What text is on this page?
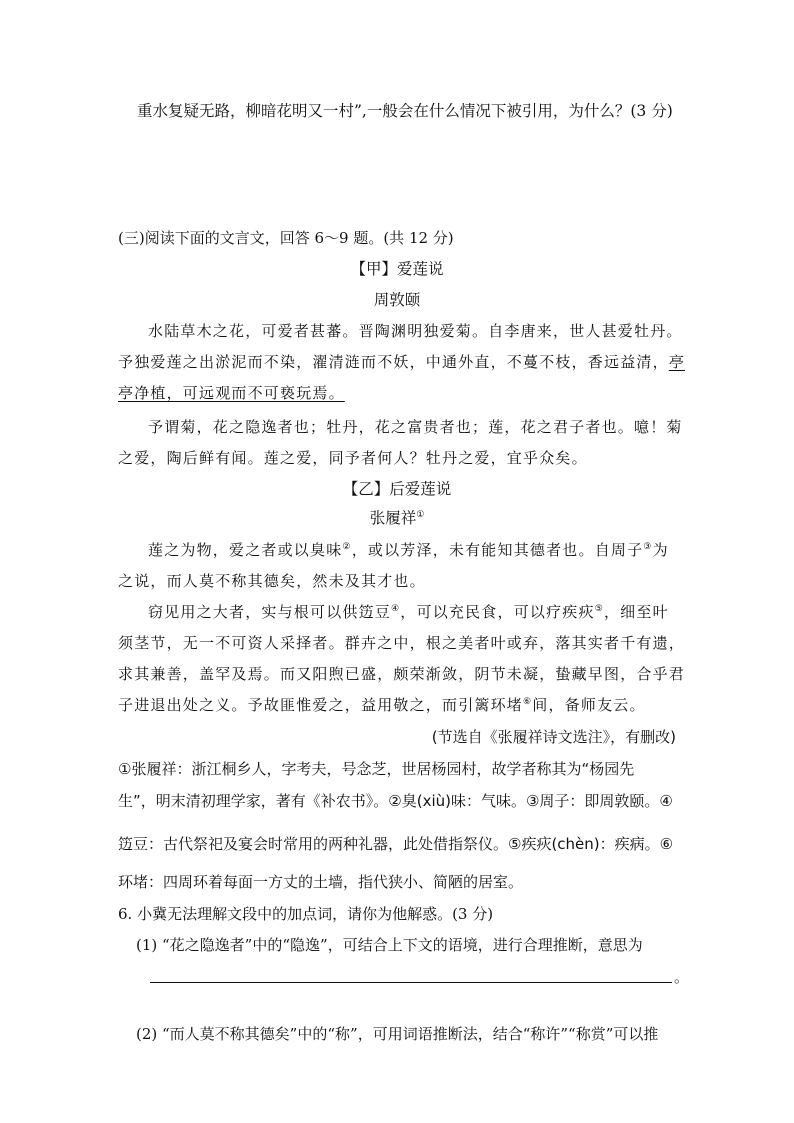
重水复疑无路，柳暗花明又一村”,一般会在什么情况下被引用，为什么？(3 分)
(三)阅读下面的文言文，回答 6～9 题。(共 12 分)
【甲】爱莲说
周敦颐
水陆草木之花，可爱者甚蕃。晋陶渊明独爱菊。自李唐来，世人甚爱牡丹。
予独爱莲之出淤泥而不染，濯清涟而不妖，中通外直，不蔓不枝，香远益清，亭
亭净植，可远观而不可亵玩焉。
予谓菊，花之隐逸者也；牡丹，花之富贵者也；莲，花之君子者也。噫！菊
之爱，陶后鲜有闻。莲之爱，同予者何人？牡丹之爱，宜乎众矣。
【乙】后爱莲说
张履祥①
莲之为物，爱之者或以臭味②，或以芳泽，未有能知其德者也。自周子③为
之说，而人莫不称其德矣，然未及其才也。
窃见用之大者，实与根可以供笾豆④，可以充民食，可以疗疾疢⑤，细至叶
须茎节，无一不可资人采择者。群卉之中，根之美者叶或弃，落其实者千有遗，
求其兼善，盖罕及焉。而又阳煦已盛，颇荣渐敛，阴节未凝，蛰藏早图，合乎君
子进退出处之义。予故匪惟爱之，益用敬之，而引篱环堵⑥间，备师友云。
(节选自《张履祥诗文选注》，有删改)
①张履祥：浙江桐乡人，字考夫，号念芝，世居杨园村，故学者称其为“杨园先
生”，明末清初理学家，著有《补农书》。②臭(xiù)味：气味。③周子：即周敦颐。④
笾豆：古代祭祀及宴会时常用的两种礼器，此处借指祭仪。⑤疾疢(chèn)：疾病。⑥
环堵：四周环着每面一方丈的土墙，指代狭小、简陋的居室。
6. 小冀无法理解文段中的加点词，请你为他解惑。(3 分)
(1) “花之隐逸者”中的“隐逸”，可结合上下文的语境，进行合理推断，意思为
。
(2) “而人莫不称其德矣”中的“称”，可用词语推断法，结合“称许”“称赏”可以推
